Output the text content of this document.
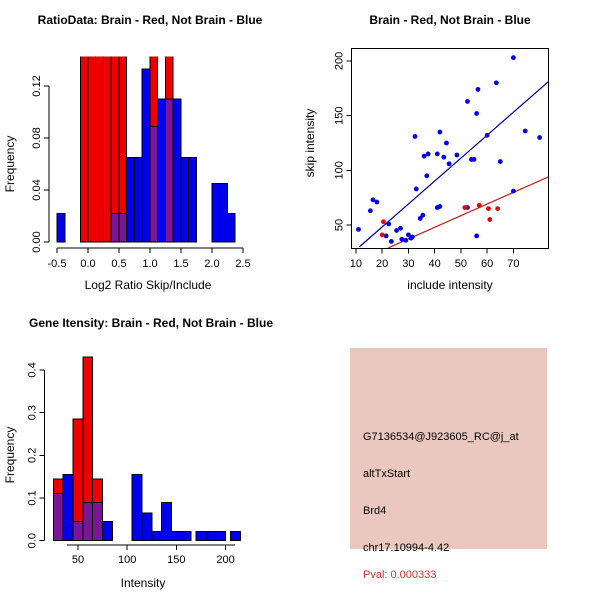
RatioData: Brain - Red, Not Brain - Blue
-0.5 0.0 0.5 1.0 1.5 2.0 2.5
0.00
0.04
0.08
0.12
Log2 Ratio Skip/Include
Frequency
Brain - Red, Not Brain - Blue
10 20 30 40 50 60 70
50
100
150
200
include intensity
skip intensity
Gene Itensity: Brain - Red, Not Brain - Blue
50	100	150	200
0.0
0.1
0.2
0.3
0.4
Intensity
Frequency	G7136534@J923605_RC@j_at

altTxStart

Brd4

chr17.10994-4.42

Pval: 0.000333
